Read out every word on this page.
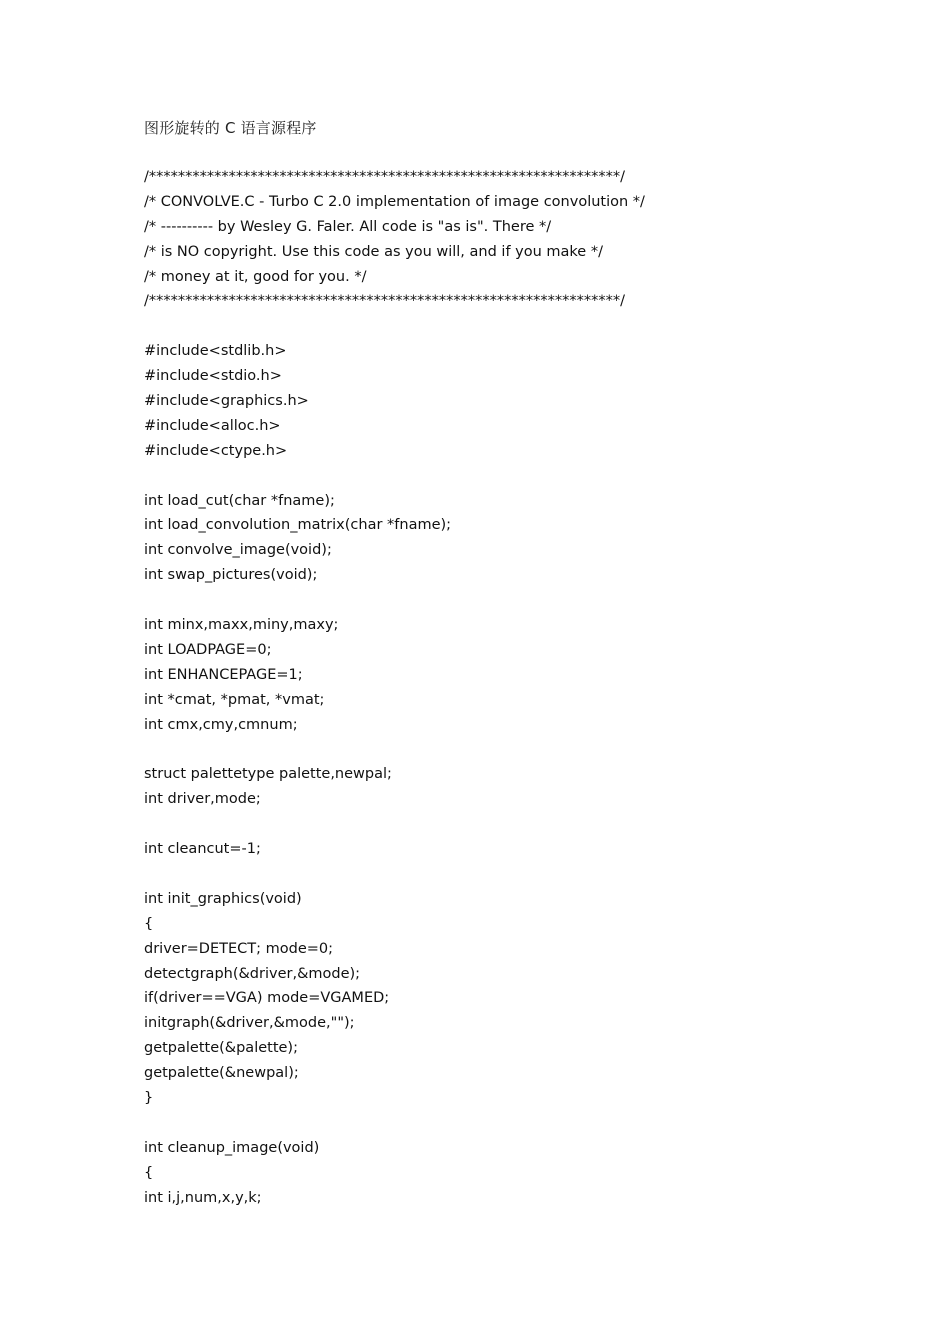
图形旋转的 C 语言源程序
/*****************************************************************/
/* CONVOLVE.C - Turbo C 2.0 implementation of image convolution */
/* ---------- by Wesley G. Faler. All code is "as is". There */
/* is NO copyright. Use this code as you will, and if you make */
/* money at it, good for you. */
/*****************************************************************/
#include<stdlib.h>
#include<stdio.h>
#include<graphics.h>
#include<alloc.h>
#include<ctype.h>
int load_cut(char *fname);
int load_convolution_matrix(char *fname);
int convolve_image(void);
int swap_pictures(void);
int minx,maxx,miny,maxy;
int LOADPAGE=0;
int ENHANCEPAGE=1;
int *cmat, *pmat, *vmat;
int cmx,cmy,cmnum;
struct palettetype palette,newpal;
int driver,mode;
int cleancut=-1;
int init_graphics(void)
{
driver=DETECT; mode=0;
detectgraph(&driver,&mode);
if(driver==VGA) mode=VGAMED;
initgraph(&driver,&mode,"");
getpalette(&palette);
getpalette(&newpal);
}
int cleanup_image(void)
{
int i,j,num,x,y,k;
